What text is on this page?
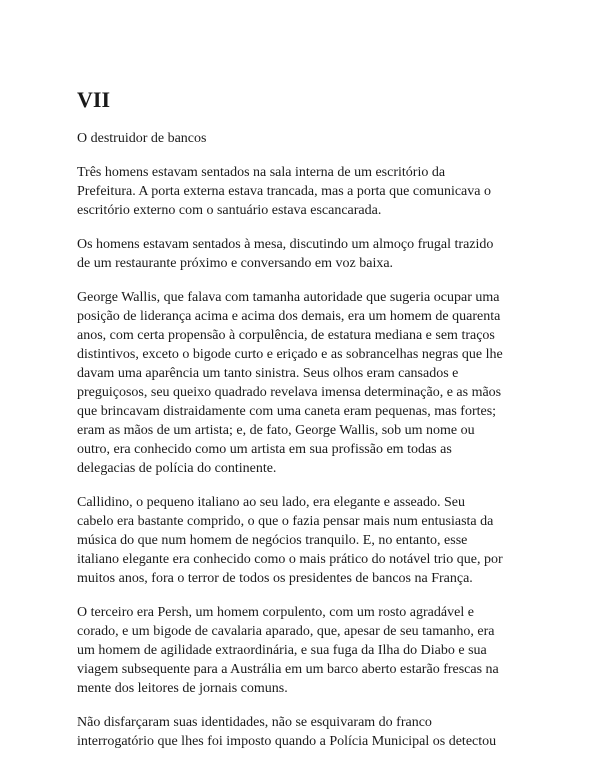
VII

O destruidor de bancos

Três homens estavam sentados na sala interna de um escritório da
Prefeitura. A porta externa estava trancada, mas a porta que comunicava o
escritório externo com o santuário estava escancarada.

Os homens estavam sentados à mesa, discutindo um almoço frugal trazido
de um restaurante próximo e conversando em voz baixa.

George Wallis, que falava com tamanha autoridade que sugeria ocupar uma
posição de liderança acima e acima dos demais, era um homem de quarenta
anos, com certa propensão à corpulência, de estatura mediana e sem traços
distintivos, exceto o bigode curto e eriçado e as sobrancelhas negras que lhe
davam uma aparência um tanto sinistra. Seus olhos eram cansados e
preguiçosos, seu queixo quadrado revelava imensa determinação, e as mãos
que brincavam distraidamente com uma caneta eram pequenas, mas fortes;
eram as mãos de um artista; e, de fato, George Wallis, sob um nome ou
outro, era conhecido como um artista em sua profissão em todas as
delegacias de polícia do continente.

Callidino, o pequeno italiano ao seu lado, era elegante e asseado. Seu
cabelo era bastante comprido, o que o fazia pensar mais num entusiasta da
música do que num homem de negócios tranquilo. E, no entanto, esse
italiano elegante era conhecido como o mais prático do notável trio que, por
muitos anos, fora o terror de todos os presidentes de bancos na França.

O terceiro era Persh, um homem corpulento, com um rosto agradável e
corado, e um bigode de cavalaria aparado, que, apesar de seu tamanho, era
um homem de agilidade extraordinária, e sua fuga da Ilha do Diabo e sua
viagem subsequente para a Austrália em um barco aberto estarão frescas na
mente dos leitores de jornais comuns.

Não disfarçaram suas identidades, não se esquivaram do franco
interrogatório que lhes foi imposto quando a Polícia Municipal os detectou
